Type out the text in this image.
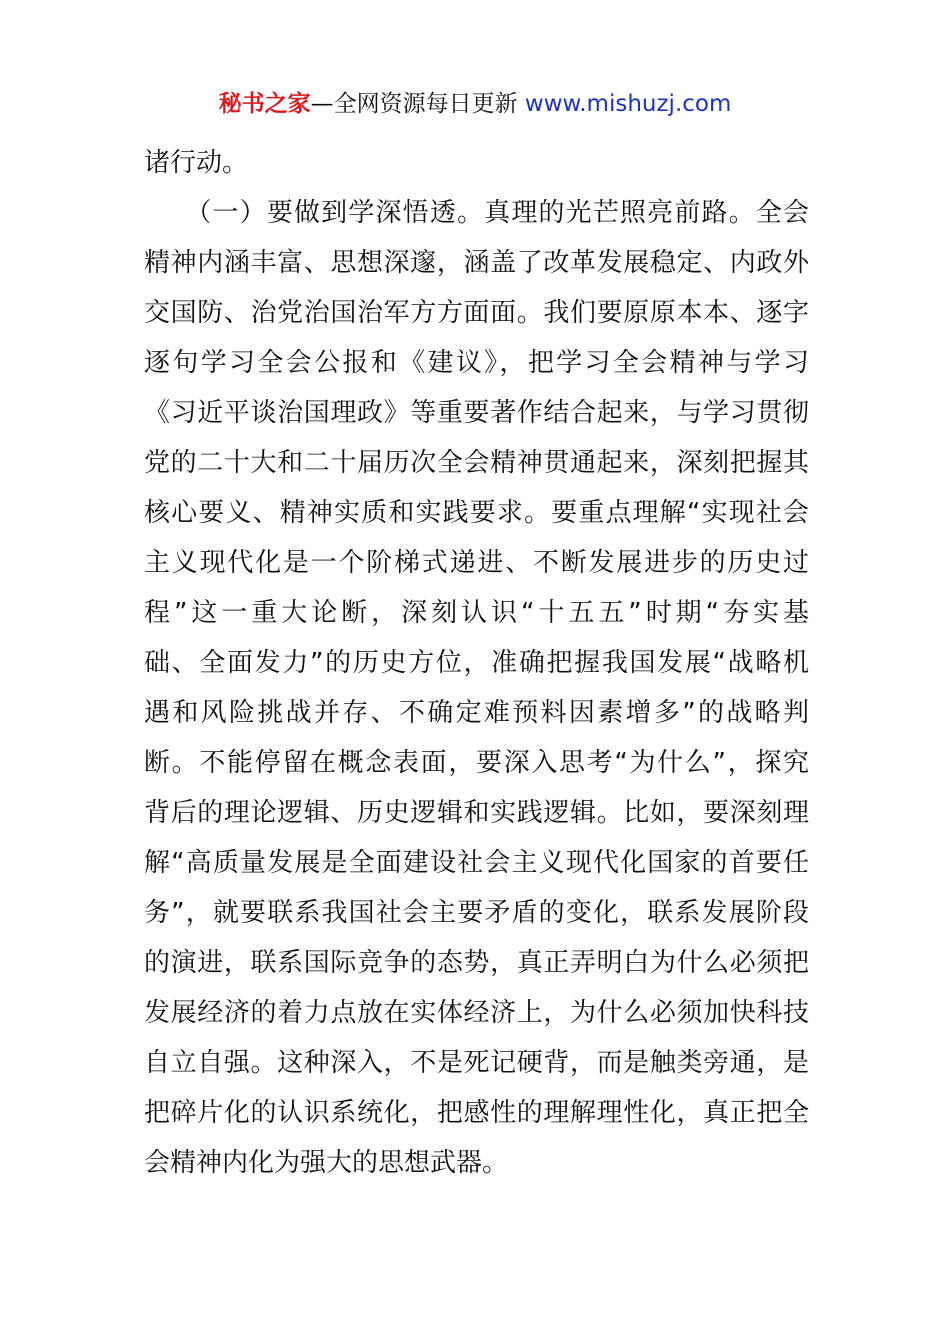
秘书之家—全网资源每日更新 www.mishuzj.com
诸行动。
　　（一）要做到学深悟透。真理的光芒照亮前路。全会
精神内涵丰富、思想深邃，涵盖了改革发展稳定、内政外
交国防、治党治国治军方方面面。我们要原原本本、逐字
逐句学习全会公报和《建议》，把学习全会精神与学习
《习近平谈治国理政》等重要著作结合起来，与学习贯彻
党的二十大和二十届历次全会精神贯通起来，深刻把握其
核心要义、精神实质和实践要求。要重点理解“实现社会
主义现代化是一个阶梯式递进、不断发展进步的历史过
程”这一重大论断，深刻认识“十五五”时期“夯实基
础、全面发力”的历史方位，准确把握我国发展“战略机
遇和风险挑战并存、不确定难预料因素增多”的战略判
断。不能停留在概念表面，要深入思考“为什么”，探究
背后的理论逻辑、历史逻辑和实践逻辑。比如，要深刻理
解“高质量发展是全面建设社会主义现代化国家的首要任
务”，就要联系我国社会主要矛盾的变化，联系发展阶段
的演进，联系国际竞争的态势，真正弄明白为什么必须把
发展经济的着力点放在实体经济上，为什么必须加快科技
自立自强。这种深入，不是死记硬背，而是触类旁通，是
把碎片化的认识系统化，把感性的理解理性化，真正把全
会精神内化为强大的思想武器。
